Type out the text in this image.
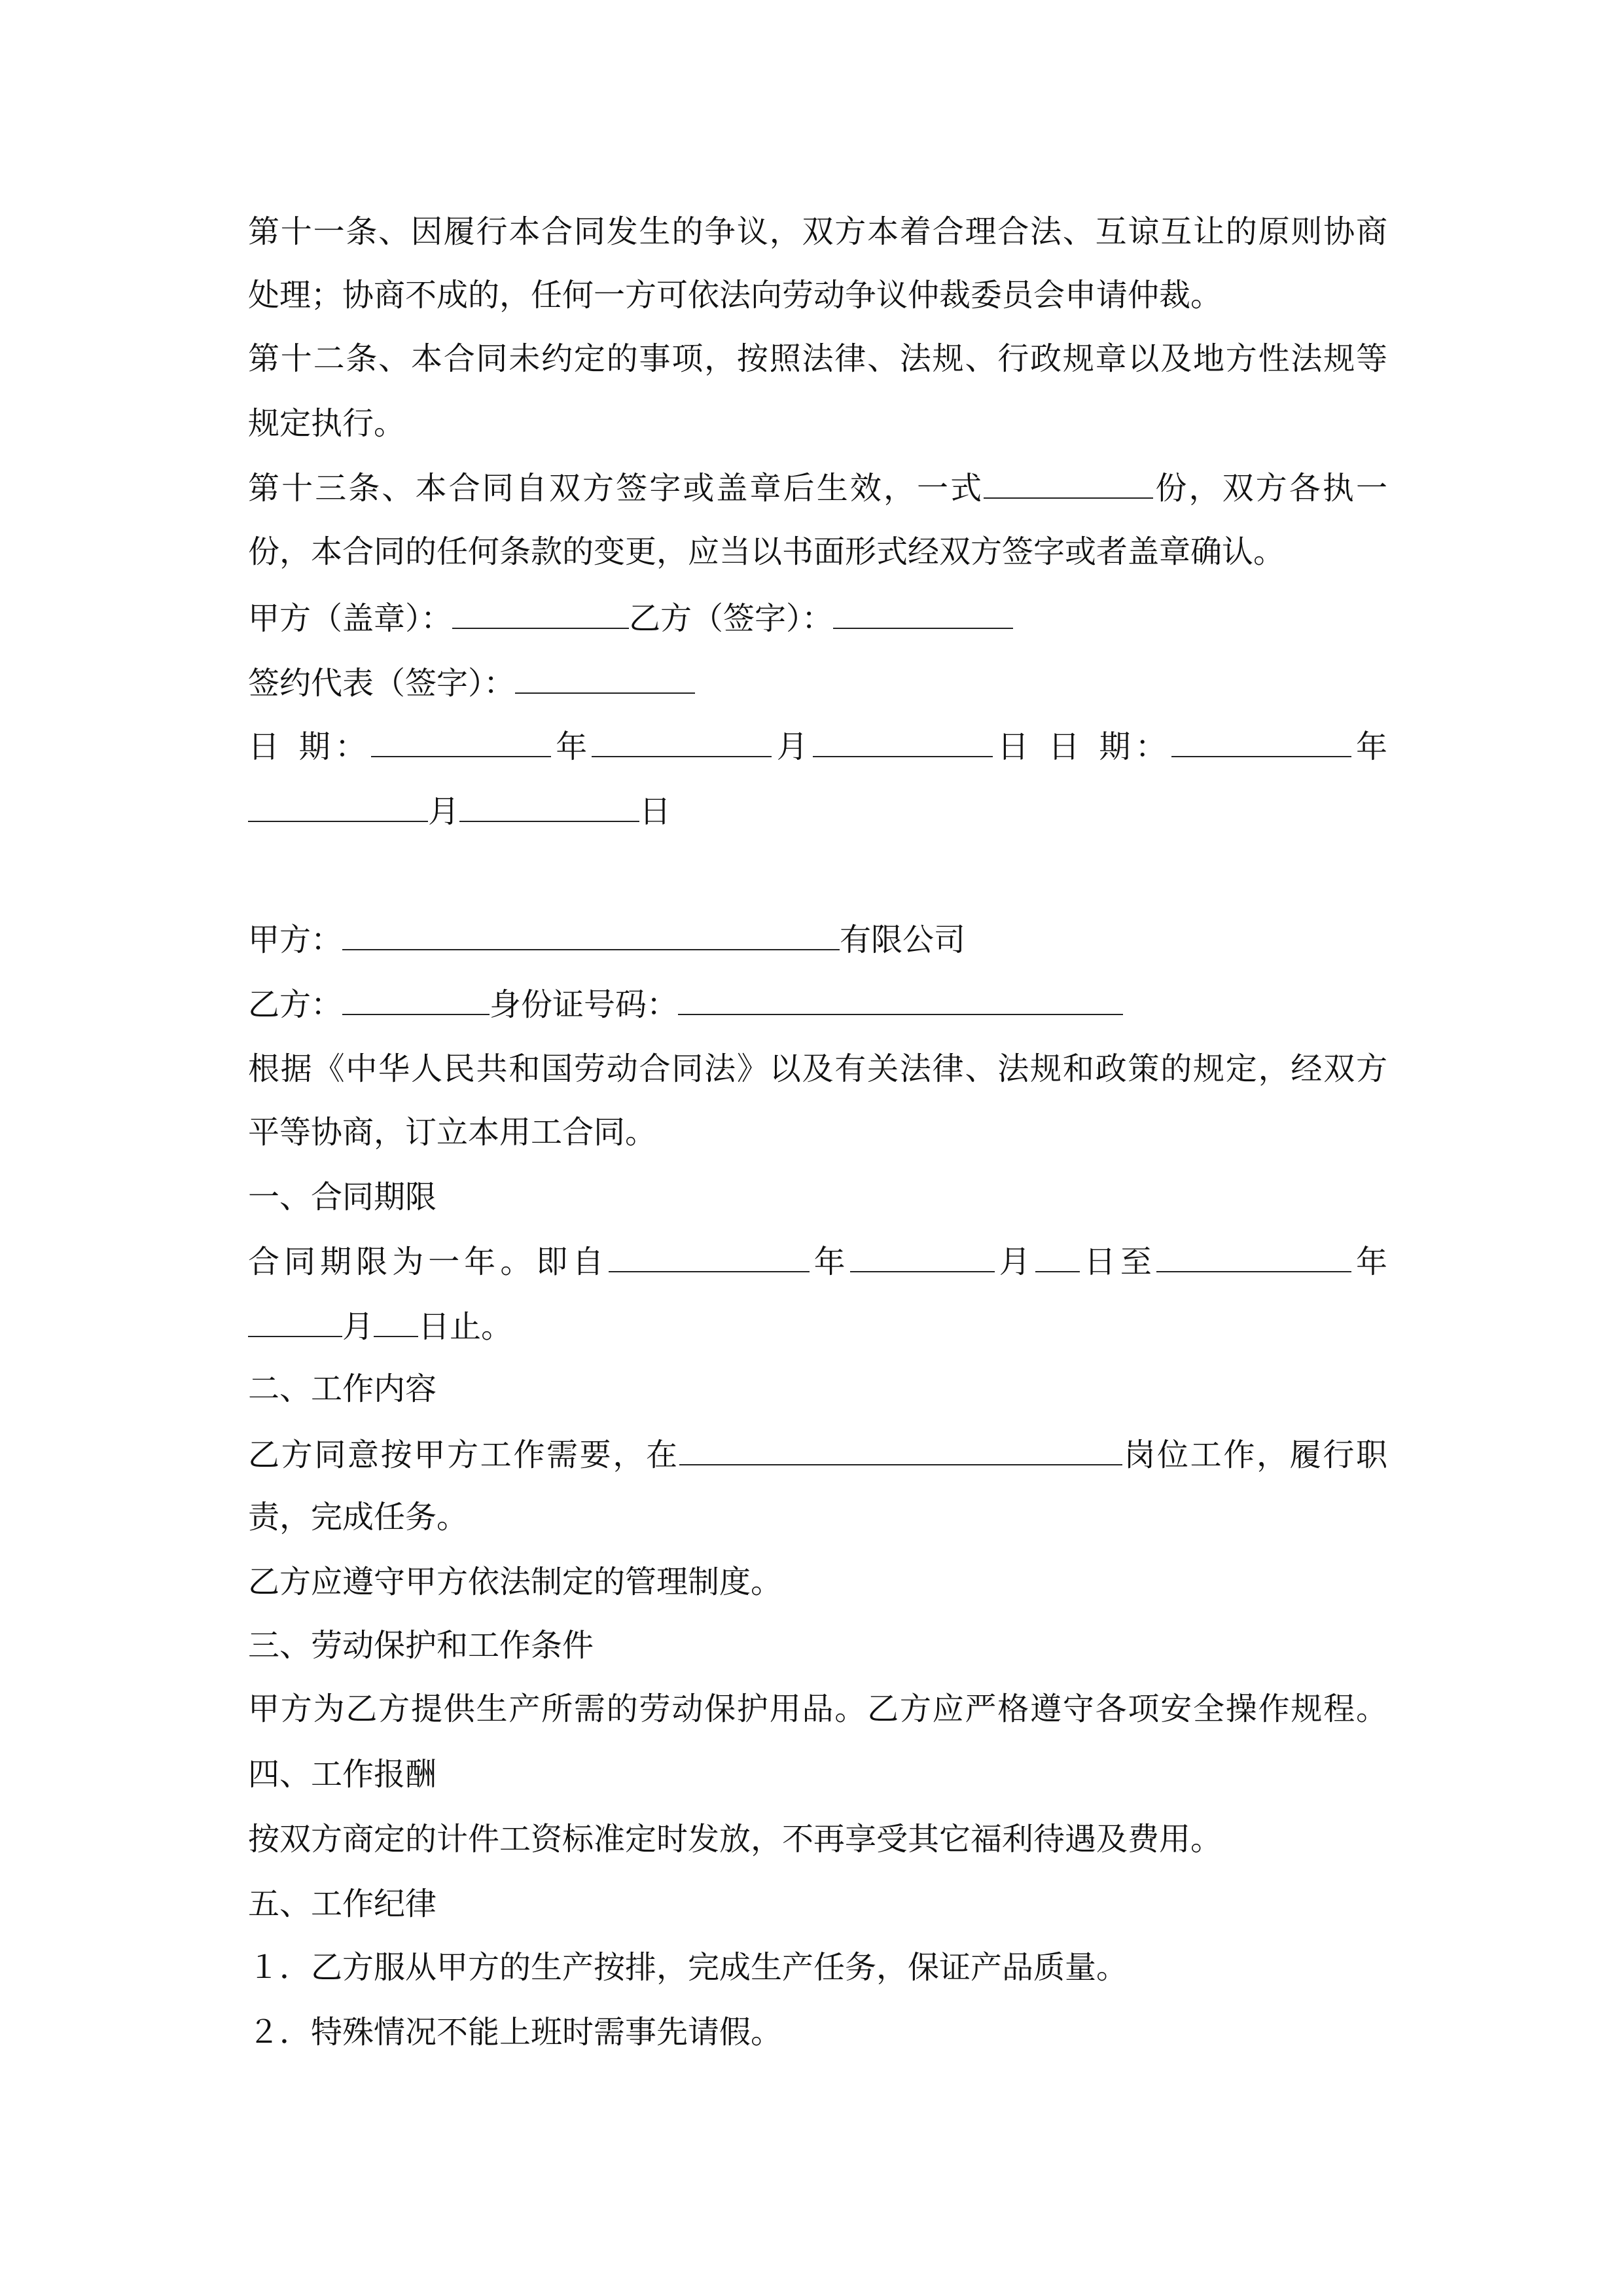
第十一条、因履行本合同发生的争议，双方本着合理合法、互谅互让的原则协商
处理；协商不成的，任何一方可依法向劳动争议仲裁委员会申请仲裁。
第十二条、本合同未约定的事项，按照法律、法规、行政规章以及地方性法规等
规定执行。
第十三条、本合同自双方签字或盖章后生效，一式	份，双方各执一
份，本合同的任何条款的变更，应当以书面形式经双方签字或者盖章确认。
甲方（盖章）：	乙方（签字）：
签约代表（签字）：
日 期：	年	月	日 日 期：	年
月	日
甲方：	有限公司
乙方：	身份证号码：
根据《中华人民共和国劳动合同法》以及有关法律、法规和政策的规定，经双方
平等协商，订立本用工合同。
一、合同期限
合同期限为一年。即自	年	月 日至	年
月 日止。
二、工作内容
乙方同意按甲方工作需要，在	岗位工作，履行职
责，完成任务。
乙方应遵守甲方依法制定的管理制度。
三、劳动保护和工作条件
甲方为乙方提供生产所需的劳动保护用品。乙方应严格遵守各项安全操作规程。
四、工作报酬
按双方商定的计件工资标准定时发放，不再享受其它福利待遇及费用。
五、工作纪律
１．乙方服从甲方的生产按排，完成生产任务，保证产品质量。
２．特殊情况不能上班时需事先请假。
